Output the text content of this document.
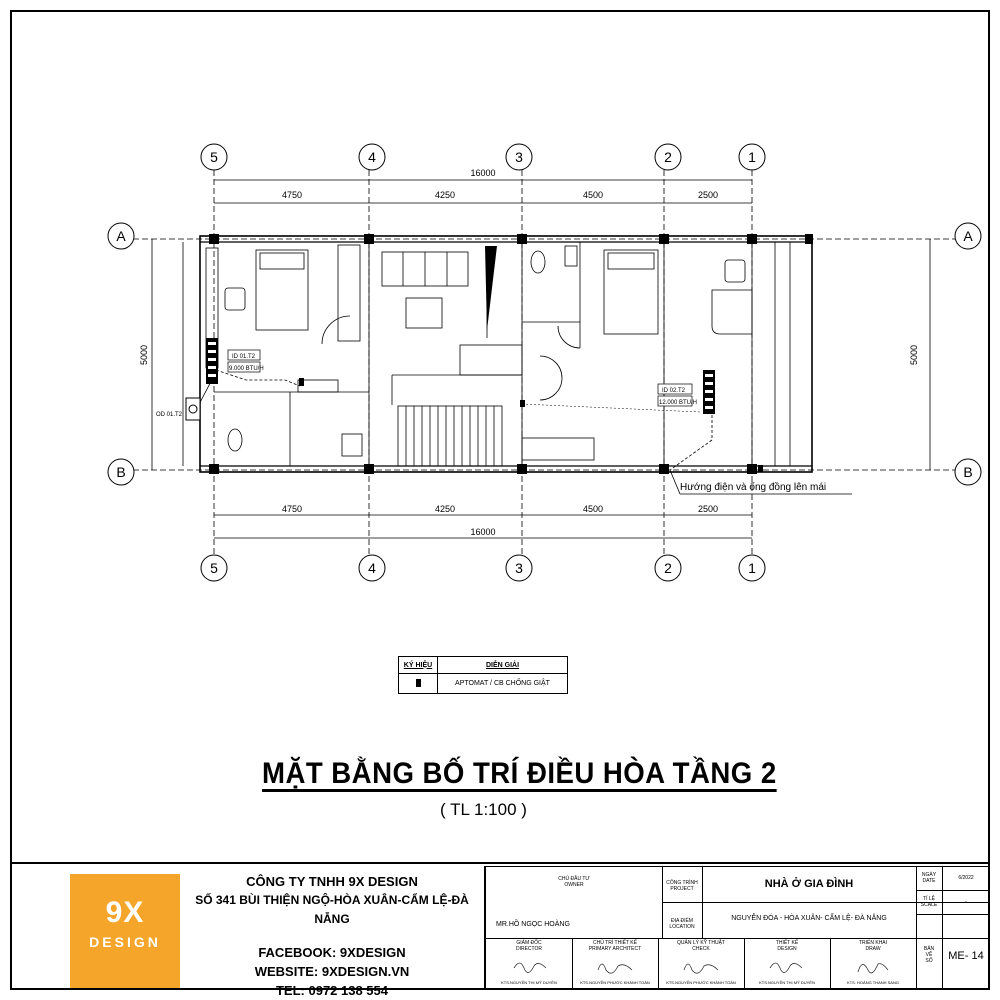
5	4	3	2	1
5	4	3	2	1
A
B
A
B
16000
4750	4250	4500	2500
4750	4250	4500	2500
16000
5000	5000
ID 01.T2
9.000 BTU/H
ID 02.T2
12.000 BTU/H
OD 01.T2
Hướng điện và ống đồng lên mái
KÝ HIỆU	DIỄN GIẢI
	APTOMAT / CB CHỐNG GIẬT
MẶT BẰNG BỐ TRÍ ĐIỀU HÒA TẦNG 2
( TL 1:100 )
9X
DESIGN
CÔNG TY TNHH 9X DESIGN
SỐ 341 BÙI THIỆN NGỘ-HÒA XUÂN-CẨM LỆ-ĐÀ NẴNG
FACEBOOK: 9XDESIGN
WEBSITE: 9XDESIGN.VN
TEL: 0972 138 554
CHỦ ĐẦU TƯ
OWNER
MR.HỒ NGỌC HOÀNG
CÔNG TRÌNH
PROJECT	NHÀ Ở GIA ĐÌNH
ĐỊA ĐIỂM
LOCATION
NGUYỄN ĐÓA - HÒA XUÂN- CẨM LỆ- ĐÀ NẴNG
NGÀY
DATE	6/2022
TỈ LỆ
SCALE	-
BẢN
VẼ
SỐ	ME- 14
GIÁM ĐỐC
DIRECTOR
KTS.NGUYỄN THỊ MỸ DUYÊN
CHỦ TRÌ THIẾT KẾ
PRIMARY ARCHITECT
KTS.NGUYỄN PHƯỚC KHÁNH TOÀN
QUẢN LÝ KỸ THUẬT
CHECK
KTS.NGUYỄN PHƯỚC KHÁNH TOÀN
THIẾT KẾ
DESIGN
KTS.NGUYỄN THỊ MỸ DUYÊN
TRIỂN KHAI
DRAW
KTS. HOÀNG THANH SANG
